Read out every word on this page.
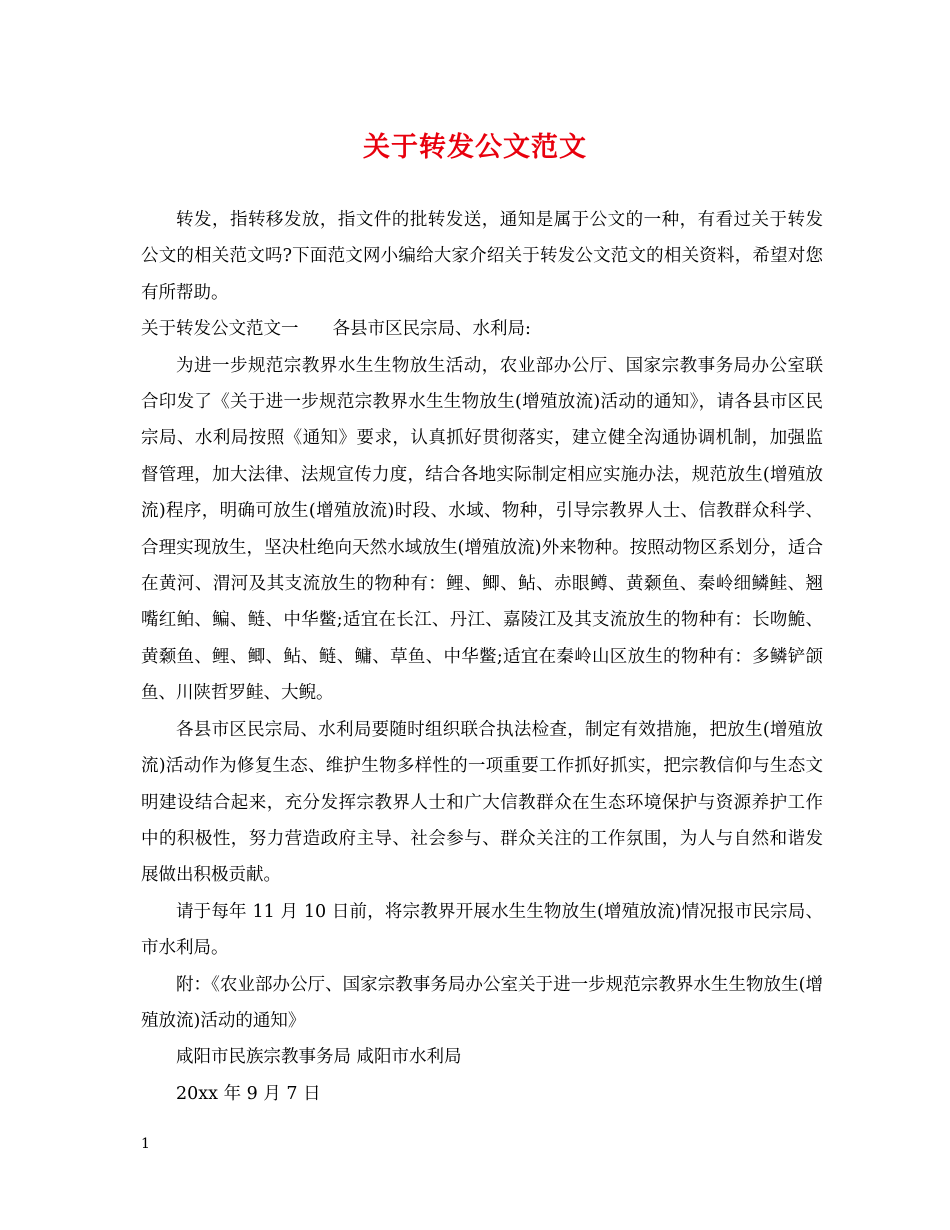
关于转发公文范文

转发，指转移发放，指文件的批转发送，通知是属于公文的一种，有看过关于转发公文的相关范文吗?下面范文网小编给大家介绍关于转发公文范文的相关资料，希望对您有所帮助。

关于转发公文范文一 各县市区民宗局、水利局:

为进一步规范宗教界水生生物放生活动，农业部办公厅、国家宗教事务局办公室联合印发了《关于进一步规范宗教界水生生物放生(增殖放流)活动的通知》，请各县市区民宗局、水利局按照《通知》要求，认真抓好贯彻落实，建立健全沟通协调机制，加强监督管理，加大法律、法规宣传力度，结合各地实际制定相应实施办法，规范放生(增殖放流)程序，明确可放生(增殖放流)时段、水域、物种，引导宗教界人士、信教群众科学、合理实现放生，坚决杜绝向天然水域放生(增殖放流)外来物种。按照动物区系划分，适合在黄河、渭河及其支流放生的物种有：鲤、鲫、鲇、赤眼鳟、黄颡鱼、秦岭细鳞鲑、翘嘴红鲌、鳊、鲢、中华鳖;适宜在长江、丹江、嘉陵江及其支流放生的物种有：长吻鮠、黄颡鱼、鲤、鲫、鲇、鲢、鳙、草鱼、中华鳖;适宜在秦岭山区放生的物种有：多鳞铲颌鱼、川陕哲罗鲑、大鲵。

各县市区民宗局、水利局要随时组织联合执法检查，制定有效措施，把放生(增殖放流)活动作为修复生态、维护生物多样性的一项重要工作抓好抓实，把宗教信仰与生态文明建设结合起来，充分发挥宗教界人士和广大信教群众在生态环境保护与资源养护工作中的积极性，努力营造政府主导、社会参与、群众关注的工作氛围，为人与自然和谐发展做出积极贡献。

请于每年 11 月 10 日前，将宗教界开展水生生物放生(增殖放流)情况报市民宗局、市水利局。

附：《农业部办公厅、国家宗教事务局办公室关于进一步规范宗教界水生生物放生(增殖放流)活动的通知》

咸阳市民族宗教事务局 咸阳市水利局

20xx 年 9 月 7 日

1
